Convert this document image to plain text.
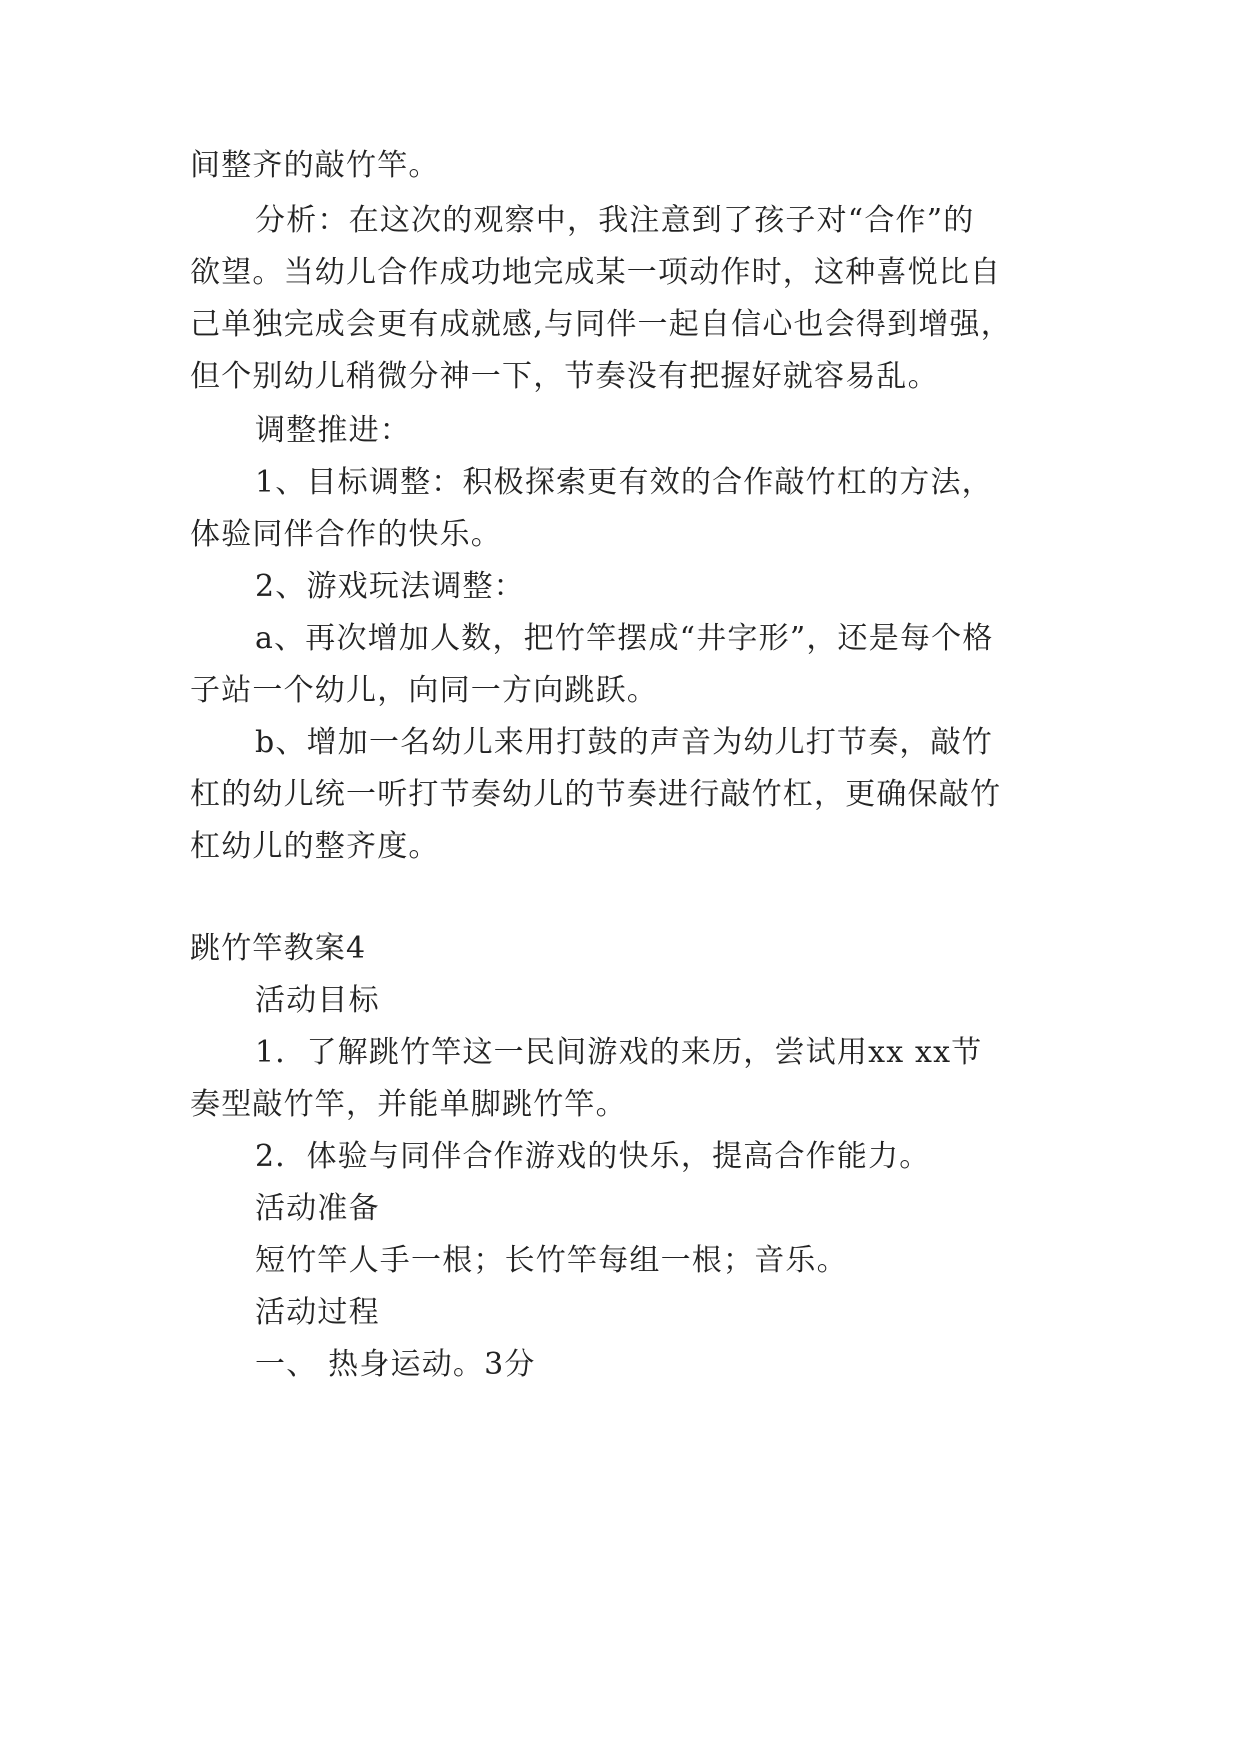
间整齐的敲竹竿。
分析：在这次的观察中，我注意到了孩子对“合作”的
欲望。当幼儿合作成功地完成某一项动作时，这种喜悦比自
己单独完成会更有成就感,与同伴一起自信心也会得到增强，
但个别幼儿稍微分神一下，节奏没有把握好就容易乱。
调整推进：
1、目标调整：积极探索更有效的合作敲竹杠的方法，
体验同伴合作的快乐。
2、游戏玩法调整：
a、再次增加人数，把竹竿摆成“井字形”，还是每个格
子站一个幼儿，向同一方向跳跃。
b、增加一名幼儿来用打鼓的声音为幼儿打节奏，敲竹
杠的幼儿统一听打节奏幼儿的节奏进行敲竹杠，更确保敲竹
杠幼儿的整齐度。
跳竹竿教案4
活动目标
1．了解跳竹竿这一民间游戏的来历，尝试用xx xx节
奏型敲竹竿，并能单脚跳竹竿。
2．体验与同伴合作游戏的快乐，提高合作能力。
活动准备
短竹竿人手一根；长竹竿每组一根；音乐。
活动过程
一、 热身运动。3分
